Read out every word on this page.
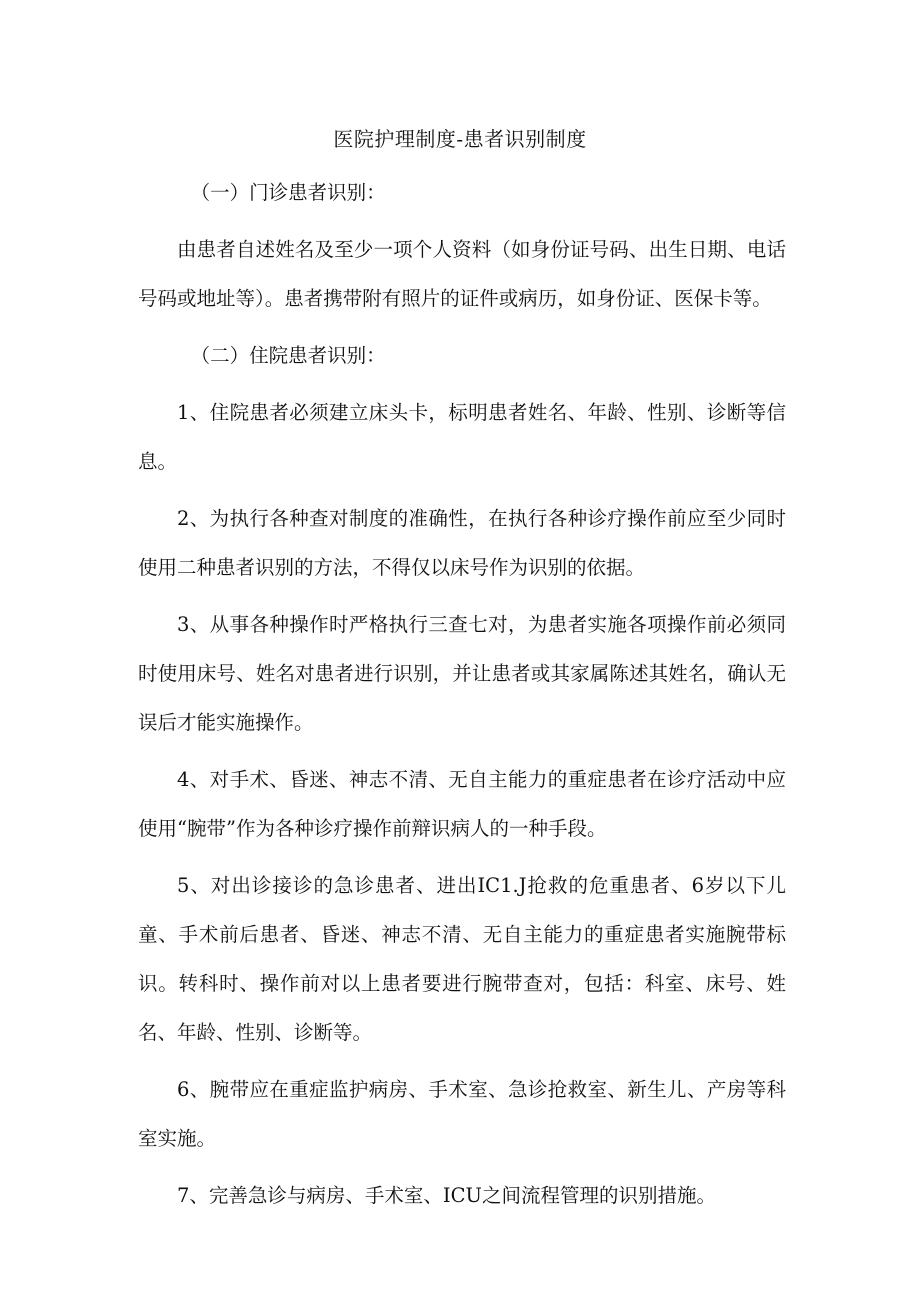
医院护理制度-患者识别制度

（一）门诊患者识别：

由患者自述姓名及至少一项个人资料（如身份证号码、出生日期、电话号码或地址等）。患者携带附有照片的证件或病历，如身份证、医保卡等。

（二）住院患者识别：

1、住院患者必须建立床头卡，标明患者姓名、年龄、性别、诊断等信息。

2、为执行各种查对制度的准确性，在执行各种诊疗操作前应至少同时使用二种患者识别的方法，不得仅以床号作为识别的依据。

3、从事各种操作时严格执行三查七对，为患者实施各项操作前必须同时使用床号、姓名对患者进行识别，并让患者或其家属陈述其姓名，确认无误后才能实施操作。

4、对手术、昏迷、神志不清、无自主能力的重症患者在诊疗活动中应使用“腕带”作为各种诊疗操作前辩识病人的一种手段。

5、对出诊接诊的急诊患者、进出IC1.J抢救的危重患者、6岁以下儿童、手术前后患者、昏迷、神志不清、无自主能力的重症患者实施腕带标识。转科时、操作前对以上患者要进行腕带查对，包括：科室、床号、姓名、年龄、性别、诊断等。

6、腕带应在重症监护病房、手术室、急诊抢救室、新生儿、产房等科室实施。

7、完善急诊与病房、手术室、ICU之间流程管理的识别措施。
